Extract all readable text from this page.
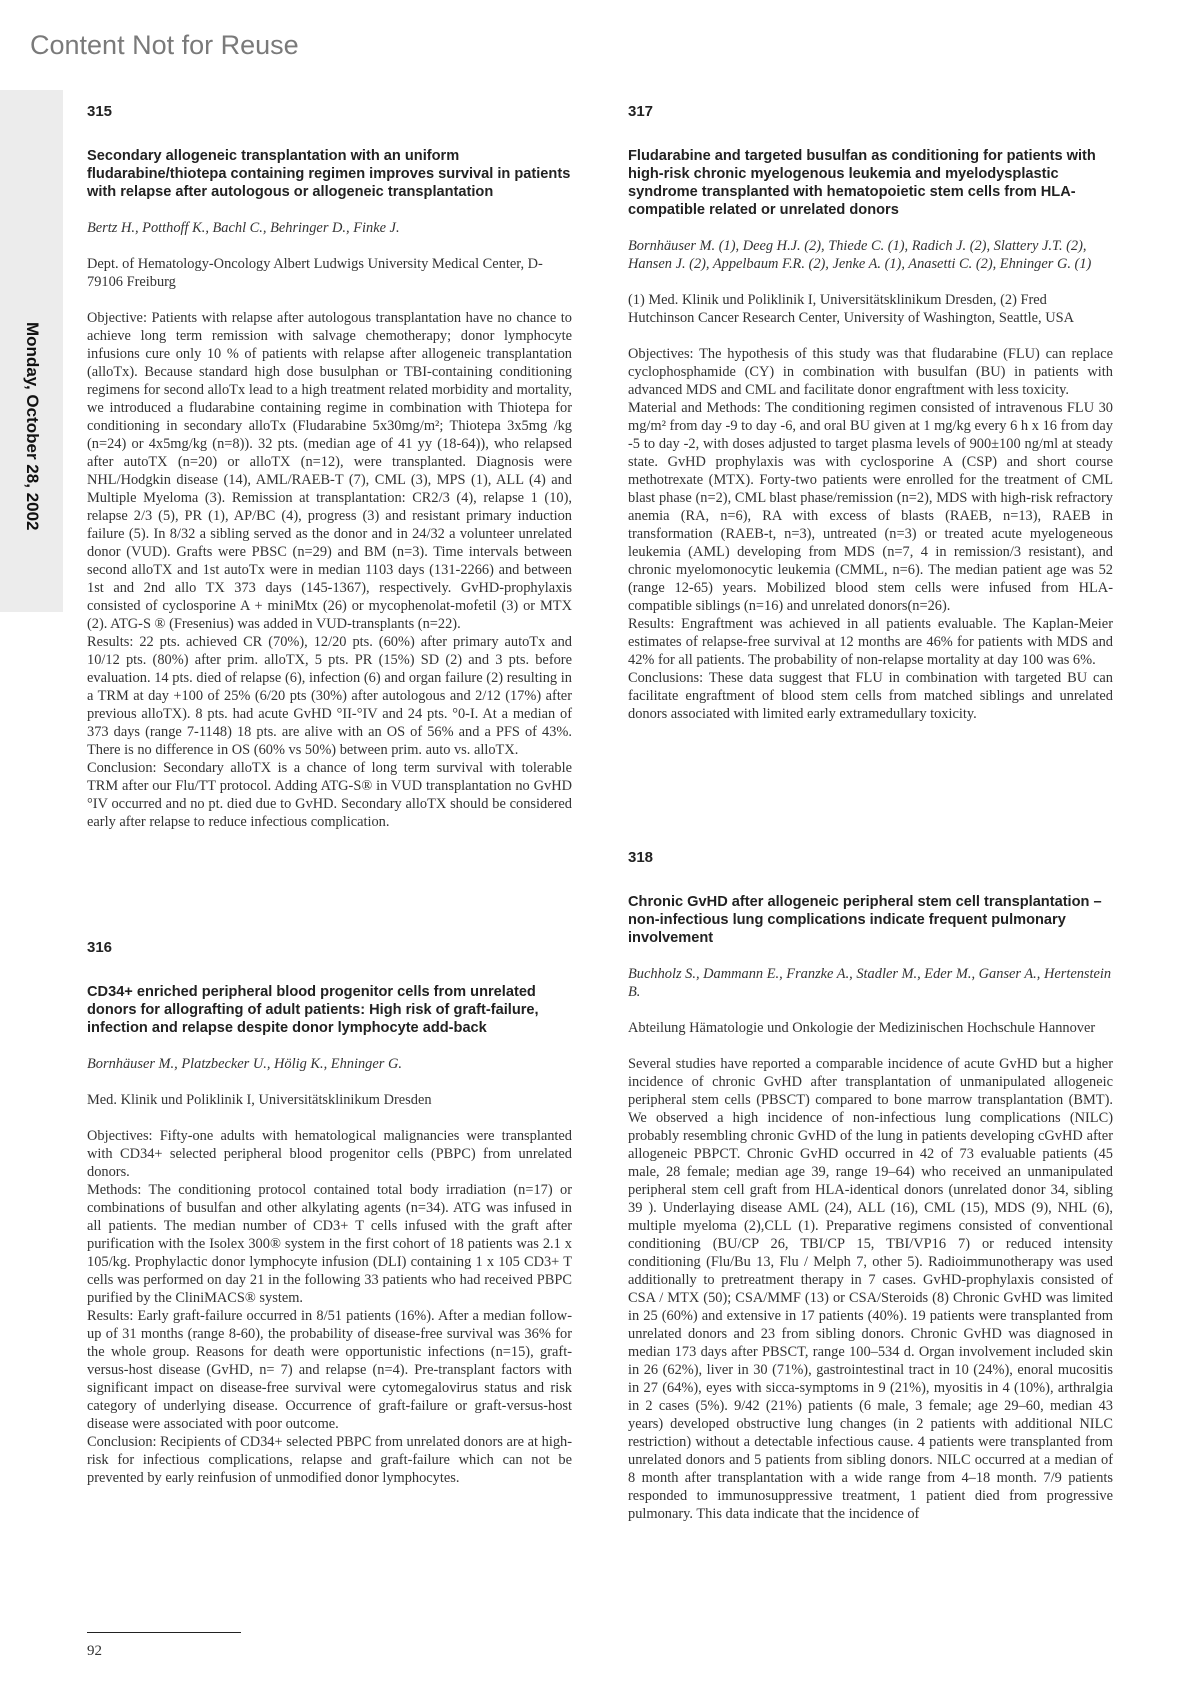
Content Not for Reuse
Monday, October 28, 2002
315
Secondary allogeneic transplantation with an uniform fludarabine/thiotepa containing regimen improves survival in patients with relapse after autologous or allogeneic transplantation
Bertz H., Potthoff K., Bachl C., Behringer D., Finke J.
Dept. of Hematology-Oncology Albert Ludwigs University Medical Center, D-79106 Freiburg

Objective: Patients with relapse after autologous transplantation have no chance to achieve long term remission with salvage chemotherapy; donor lymphocyte infusions cure only 10 % of patients with relapse after allogeneic transplantation (alloTx). Because standard high dose busulphan or TBI-containing conditioning regimens for second alloTx lead to a high treatment related morbidity and mortality, we introduced a fludarabine containing regime in combination with Thiotepa for conditioning in secondary alloTx (Fludarabine 5x30mg/m²; Thiotepa 3x5mg /kg (n=24) or 4x5mg/kg (n=8)). 32 pts. (median age of 41 yy (18-64)), who relapsed after autoTX (n=20) or alloTX (n=12), were transplanted. Diagnosis were NHL/Hodgkin disease (14), AML/RAEB-T (7), CML (3), MPS (1), ALL (4) and Multiple Myeloma (3). Remission at transplantation: CR2/3 (4), relapse 1 (10), relapse 2/3 (5), PR (1), AP/BC (4), progress (3) and resistant primary induction failure (5). In 8/32 a sibling served as the donor and in 24/32 a volunteer unrelated donor (VUD). Grafts were PBSC (n=29) and BM (n=3). Time intervals between second alloTX and 1st autoTx were in median 1103 days (131-2266) and between 1st and 2nd allo TX 373 days (145-1367), respectively. GvHD-prophylaxis consisted of cyclosporine A + miniMtx (26) or mycophenolat-mofetil (3) or MTX (2). ATG-S ® (Fresenius) was added in VUD-transplants (n=22).

Results: 22 pts. achieved CR (70%), 12/20 pts. (60%) after primary autoTx and 10/12 pts. (80%) after prim. alloTX, 5 pts. PR (15%) SD (2) and 3 pts. before evaluation. 14 pts. died of relapse (6), infection (6) and organ failure (2) resulting in a TRM at day +100 of 25% (6/20 pts (30%) after autologous and 2/12 (17%) after previous alloTX). 8 pts. had acute GvHD °II-°IV and 24 pts. °0-I. At a median of 373 days (range 7-1148) 18 pts. are alive with an OS of 56% and a PFS of 43%. There is no difference in OS (60% vs 50%) between prim. auto vs. alloTX.

Conclusion: Secondary alloTX is a chance of long term survival with tolerable TRM after our Flu/TT protocol. Adding ATG-S® in VUD transplantation no GvHD °IV occurred and no pt. died due to GvHD. Secondary alloTX should be considered early after relapse to reduce infectious complication.

316
CD34+ enriched peripheral blood progenitor cells from unrelated donors for allografting of adult patients: High risk of graft-failure, infection and relapse despite donor lymphocyte add-back
Bornhäuser M., Platzbecker U., Hölig K., Ehninger G.
Med. Klinik und Poliklinik I, Universitätsklinikum Dresden

Objectives: Fifty-one adults with hematological malignancies were transplanted with CD34+ selected peripheral blood progenitor cells (PBPC) from unrelated donors.

Methods: The conditioning protocol contained total body irradiation (n=17) or combinations of busulfan and other alkylating agents (n=34). ATG was infused in all patients. The median number of CD3+ T cells infused with the graft after purification with the Isolex 300® system in the first cohort of 18 patients was 2.1 x 105/kg. Prophylactic donor lymphocyte infusion (DLI) containing 1 x 105 CD3+ T cells was performed on day 21 in the following 33 patients who had received PBPC purified by the CliniMACS® system.

Results: Early graft-failure occurred in 8/51 patients (16%). After a median follow-up of 31 months (range 8-60), the probability of disease-free survival was 36% for the whole group. Reasons for death were opportunistic infections (n=15), graft-versus-host disease (GvHD, n= 7) and relapse (n=4). Pre-transplant factors with significant impact on disease-free survival were cytomegalovirus status and risk category of underlying disease. Occurrence of graft-failure or graft-versus-host disease were associated with poor outcome.

Conclusion: Recipients of CD34+ selected PBPC from unrelated donors are at high-risk for infectious complications, relapse and graft-failure which can not be prevented by early reinfusion of unmodified donor lymphocytes.

317
Fludarabine and targeted busulfan as conditioning for patients with high-risk chronic myelogenous leukemia and myelodysplastic syndrome transplanted with hematopoietic stem cells from HLA-compatible related or unrelated donors
Bornhäuser M. (1), Deeg H.J. (2), Thiede C. (1), Radich J. (2), Slattery J.T. (2), Hansen J. (2), Appelbaum F.R. (2), Jenke A. (1), Anasetti C. (2), Ehninger G. (1)
(1) Med. Klinik und Poliklinik I, Universitätsklinikum Dresden, (2) Fred Hutchinson Cancer Research Center, University of Washington, Seattle, USA

Objectives: The hypothesis of this study was that fludarabine (FLU) can replace cyclophosphamide (CY) in combination with busulfan (BU) in patients with advanced MDS and CML and facilitate donor engraftment with less toxicity.

Material and Methods: The conditioning regimen consisted of intravenous FLU 30 mg/m² from day -9 to day -6, and oral BU given at 1 mg/kg every 6 h x 16 from day -5 to day -2, with doses adjusted to target plasma levels of 900±100 ng/ml at steady state. GvHD prophylaxis was with cyclosporine A (CSP) and short course methotrexate (MTX). Forty-two patients were enrolled for the treatment of CML blast phase (n=2), CML blast phase/remission (n=2), MDS with high-risk refractory anemia (RA, n=6), RA with excess of blasts (RAEB, n=13), RAEB in transformation (RAEB-t, n=3), untreated (n=3) or treated acute myelogeneous leukemia (AML) developing from MDS (n=7, 4 in remission/3 resistant), and chronic myelomonocytic leukemia (CMML, n=6). The median patient age was 52 (range 12-65) years. Mobilized blood stem cells were infused from HLA-compatible siblings (n=16) and unrelated donors(n=26).

Results: Engraftment was achieved in all patients evaluable. The Kaplan-Meier estimates of relapse-free survival at 12 months are 46% for patients with MDS and 42% for all patients. The probability of non-relapse mortality at day 100 was 6%.

Conclusions: These data suggest that FLU in combination with targeted BU can facilitate engraftment of blood stem cells from matched siblings and unrelated donors associated with limited early extramedullary toxicity.

318
Chronic GvHD after allogeneic peripheral stem cell transplantation – non-infectious lung complications indicate frequent pulmonary involvement
Buchholz S., Dammann E., Franzke A., Stadler M., Eder M., Ganser A., Hertenstein B.
Abteilung Hämatologie und Onkologie der Medizinischen Hochschule Hannover

Several studies have reported a comparable incidence of acute GvHD but a higher incidence of chronic GvHD after transplantation of unmanipulated allogeneic peripheral stem cells (PBSCT) compared to bone marrow transplantation (BMT). We observed a high incidence of non-infectious lung complications (NILC) probably resembling chronic GvHD of the lung in patients developing cGvHD after allogeneic PBPCT. Chronic GvHD occurred in 42 of 73 evaluable patients (45 male, 28 female; median age 39, range 19–64) who received an unmanipulated peripheral stem cell graft from HLA-identical donors (unrelated donor 34, sibling 39 ). Underlaying disease AML (24), ALL (16), CML (15), MDS (9), NHL (6), multiple myeloma (2),CLL (1). Preparative regimens consisted of conventional conditioning (BU/CP 26, TBI/CP 15, TBI/VP16 7) or reduced intensity conditioning (Flu/Bu 13, Flu / Melph 7, other 5). Radioimmunotherapy was used additionally to pretreatment therapy in 7 cases. GvHD-prophylaxis consisted of CSA / MTX (50); CSA/MMF (13) or CSA/Steroids (8) Chronic GvHD was limited in 25 (60%) and extensive in 17 patients (40%). 19 patients were transplanted from unrelated donors and 23 from sibling donors. Chronic GvHD was diagnosed in median 173 days after PBSCT, range 100–534 d. Organ involvement included skin in 26 (62%), liver in 30 (71%), gastrointestinal tract in 10 (24%), enoral mucositis in 27 (64%), eyes with sicca-symptoms in 9 (21%), myositis in 4 (10%), arthralgia in 2 cases (5%). 9/42 (21%) patients (6 male, 3 female; age 29–60, median 43 years) developed obstructive lung changes (in 2 patients with additional NILC restriction) without a detectable infectious cause. 4 patients were transplanted from unrelated donors and 5 patients from sibling donors. NILC occurred at a median of 8 month after transplantation with a wide range from 4–18 month. 7/9 patients responded to immunosuppressive treatment, 1 patient died from progressive pulmonary. This data indicate that the incidence of

92
